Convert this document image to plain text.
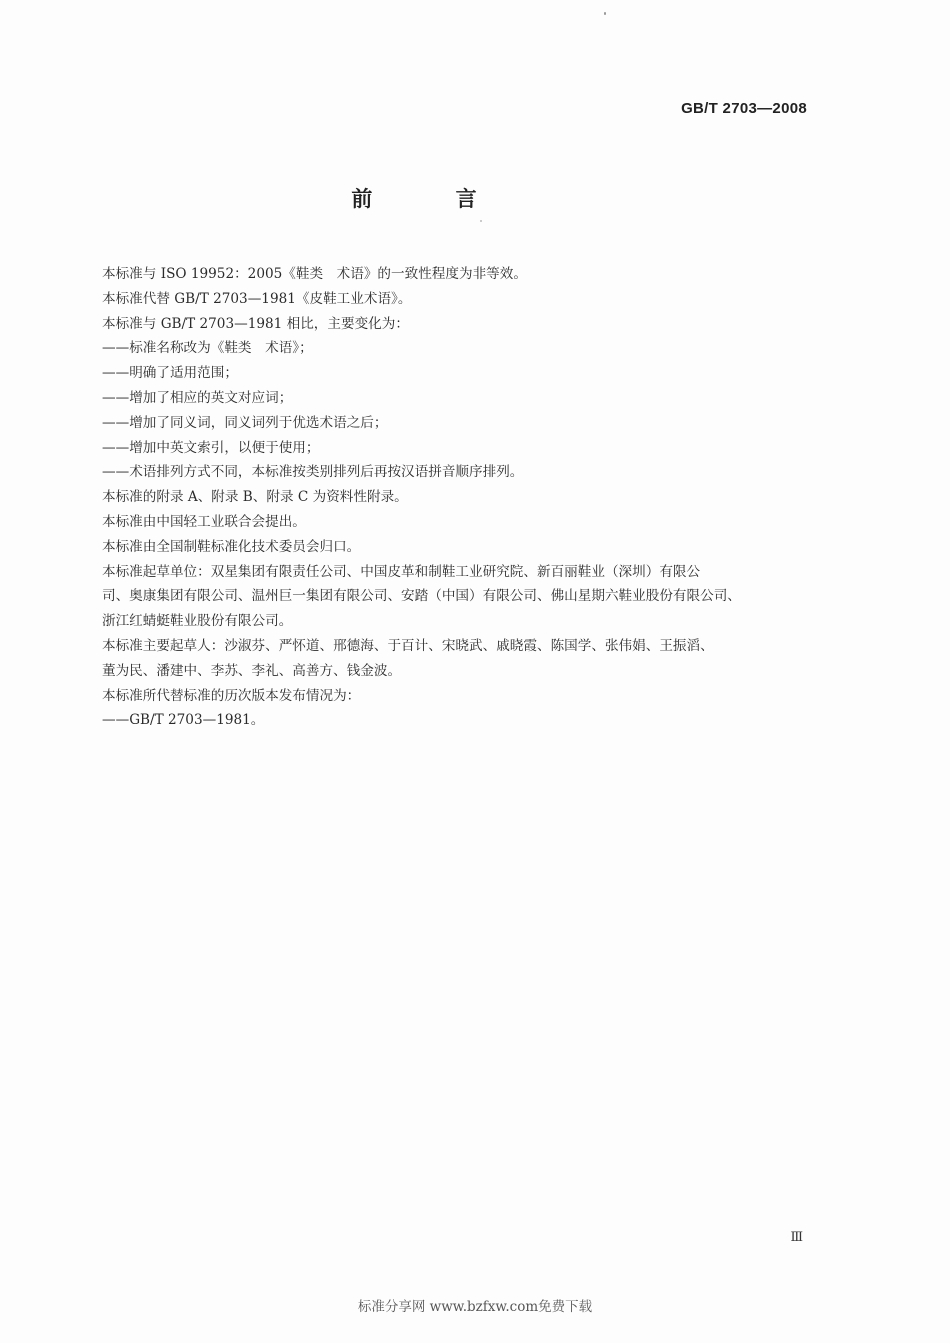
GB/T 2703—2008
前 言

本标准与 ISO 19952：2005《鞋类　术语》的一致性程度为非等效。

本标准代替 GB/T 2703—1981《皮鞋工业术语》。

本标准与 GB/T 2703—1981 相比，主要变化为：

——标准名称改为《鞋类　术语》；

——明确了适用范围；

——增加了相应的英文对应词；

——增加了同义词，同义词列于优选术语之后；

——增加中英文索引，以便于使用；

——术语排列方式不同，本标准按类别排列后再按汉语拼音顺序排列。

本标准的附录 A、附录 B、附录 C 为资料性附录。

本标准由中国轻工业联合会提出。

本标准由全国制鞋标准化技术委员会归口。

本标准起草单位：双星集团有限责任公司、中国皮革和制鞋工业研究院、新百丽鞋业（深圳）有限公

司、奥康集团有限公司、温州巨一集团有限公司、安踏（中国）有限公司、佛山星期六鞋业股份有限公司、

浙江红蜻蜓鞋业股份有限公司。

本标准主要起草人：沙淑芬、严怀道、邢德海、于百计、宋晓武、戚晓霞、陈国学、张伟娟、王振滔、

董为民、潘建中、李苏、李礼、高善方、钱金波。

本标准所代替标准的历次版本发布情况为：

——GB/T 2703—1981。

Ⅲ
标准分享网 www.bzfxw.com免费下载
